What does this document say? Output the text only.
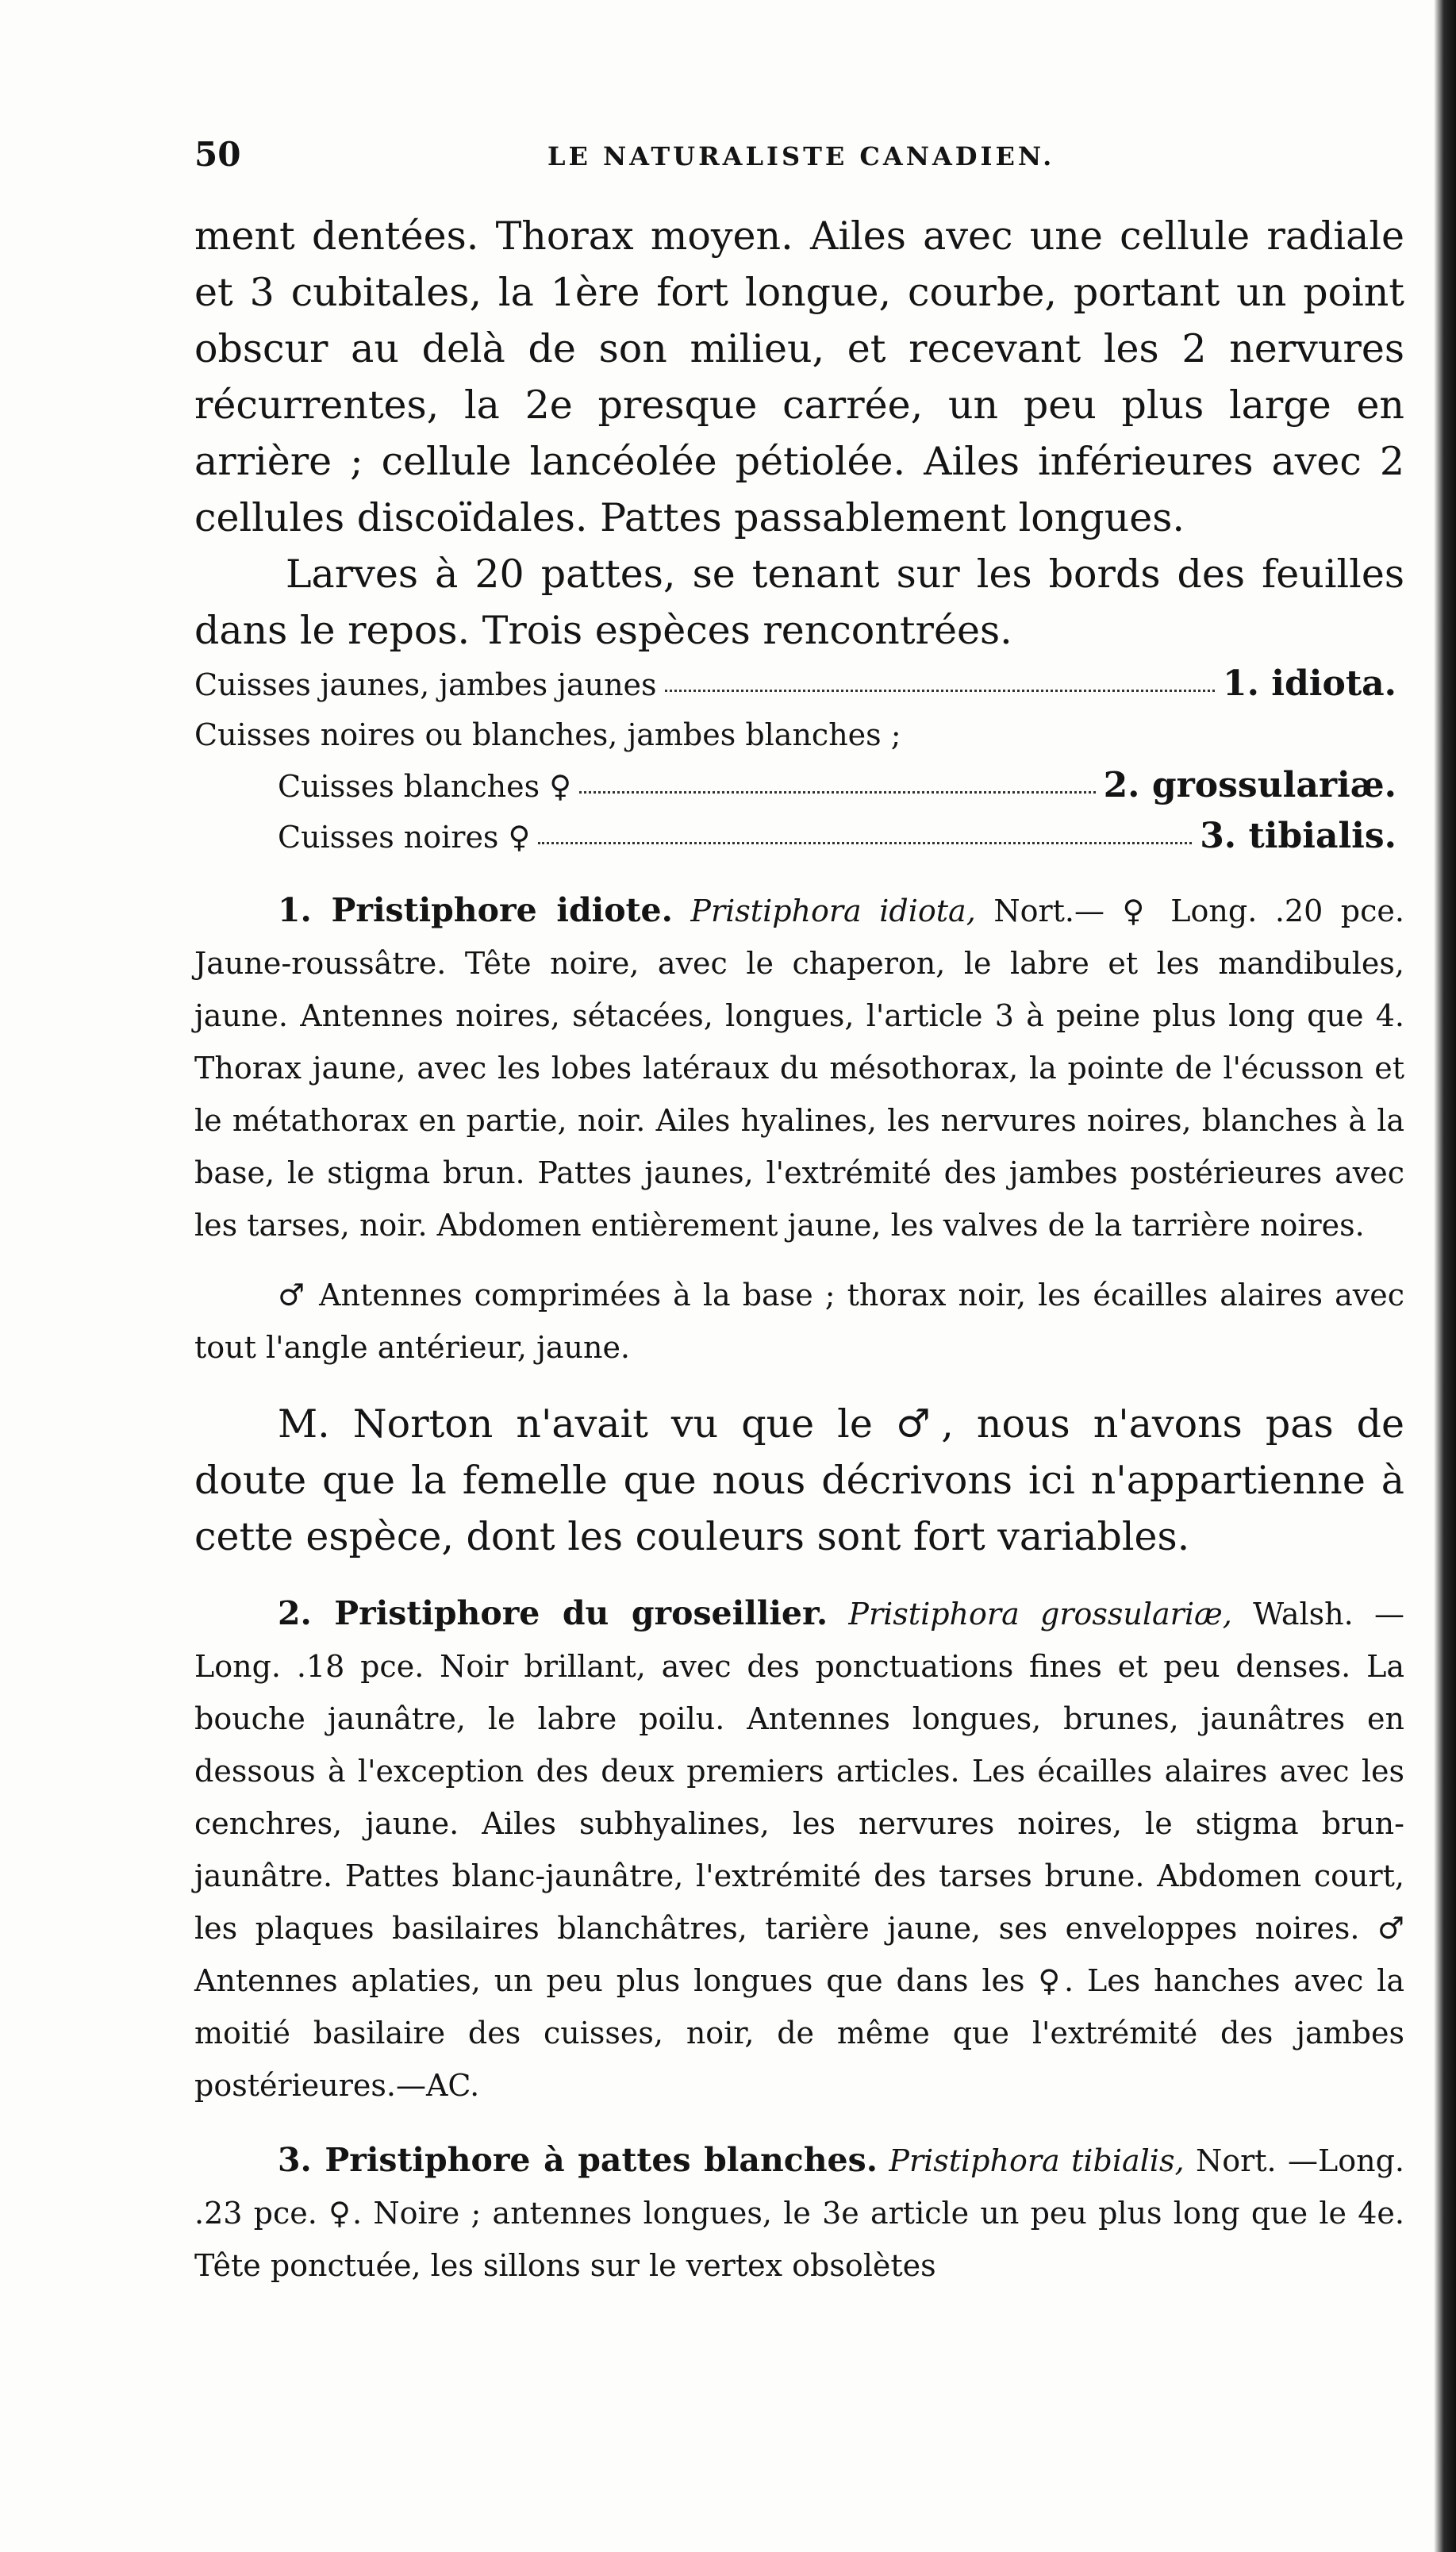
50	LE NATURALISTE CANADIEN.

ment dentées. Thorax moyen. Ailes avec une cellule radiale et 3 cubitales, la 1ère fort longue, courbe, portant un point obscur au delà de son milieu, et recevant les 2 nervures récurrentes, la 2e presque carrée, un peu plus large en arrière ; cellule lancéolée pétiolée. Ailes inférieures avec 2 cellules discoïdales. Pattes passablement longues.

Larves à 20 pattes, se tenant sur les bords des feuilles dans le repos. Trois espèces rencontrées.

Cuisses jaunes, jambes jaunes	1. idiota.
Cuisses noires ou blanches, jambes blanches ;
Cuisses blanches ♀	2. grossulariæ.
Cuisses noires ♀	3. tibialis.

1. Pristiphore idiote. Pristiphora idiota, Nort.— ♀ Long. .20 pce. Jaune-roussâtre. Tête noire, avec le chaperon, le labre et les mandibules, jaune. Antennes noires, sétacées, longues, l'article 3 à peine plus long que 4. Thorax jaune, avec les lobes latéraux du mésothorax, la pointe de l'écusson et le métathorax en partie, noir. Ailes hyalines, les nervures noires, blanches à la base, le stigma brun. Pattes jaunes, l'extrémité des jambes postérieures avec les tarses, noir. Abdomen entièrement jaune, les valves de la tarrière noires.

♂ Antennes comprimées à la base ; thorax noir, les écailles alaires avec tout l'angle antérieur, jaune.

M. Norton n'avait vu que le ♂, nous n'avons pas de doute que la femelle que nous décrivons ici n'appartienne à cette espèce, dont les couleurs sont fort variables.

2. Pristiphore du groseillier. Pristiphora grossulariæ, Walsh. —Long. .18 pce. Noir brillant, avec des ponctuations fines et peu denses. La bouche jaunâtre, le labre poilu. Antennes longues, brunes, jaunâtres en dessous à l'exception des deux premiers articles. Les écailles alaires avec les cenchres, jaune. Ailes subhyalines, les nervures noires, le stigma brun-jaunâtre. Pattes blanc-jaunâtre, l'extrémité des tarses brune. Abdomen court, les plaques basilaires blanchâtres, tarière jaune, ses enveloppes noires. ♂ Antennes aplaties, un peu plus longues que dans les ♀. Les hanches avec la moitié basilaire des cuisses, noir, de même que l'extrémité des jambes postérieures.—AC.

3. Pristiphore à pattes blanches. Pristiphora tibialis, Nort. —Long. .23 pce. ♀. Noire ; antennes longues, le 3e article un peu plus long que le 4e. Tête ponctuée, les sillons sur le vertex obsolètes
